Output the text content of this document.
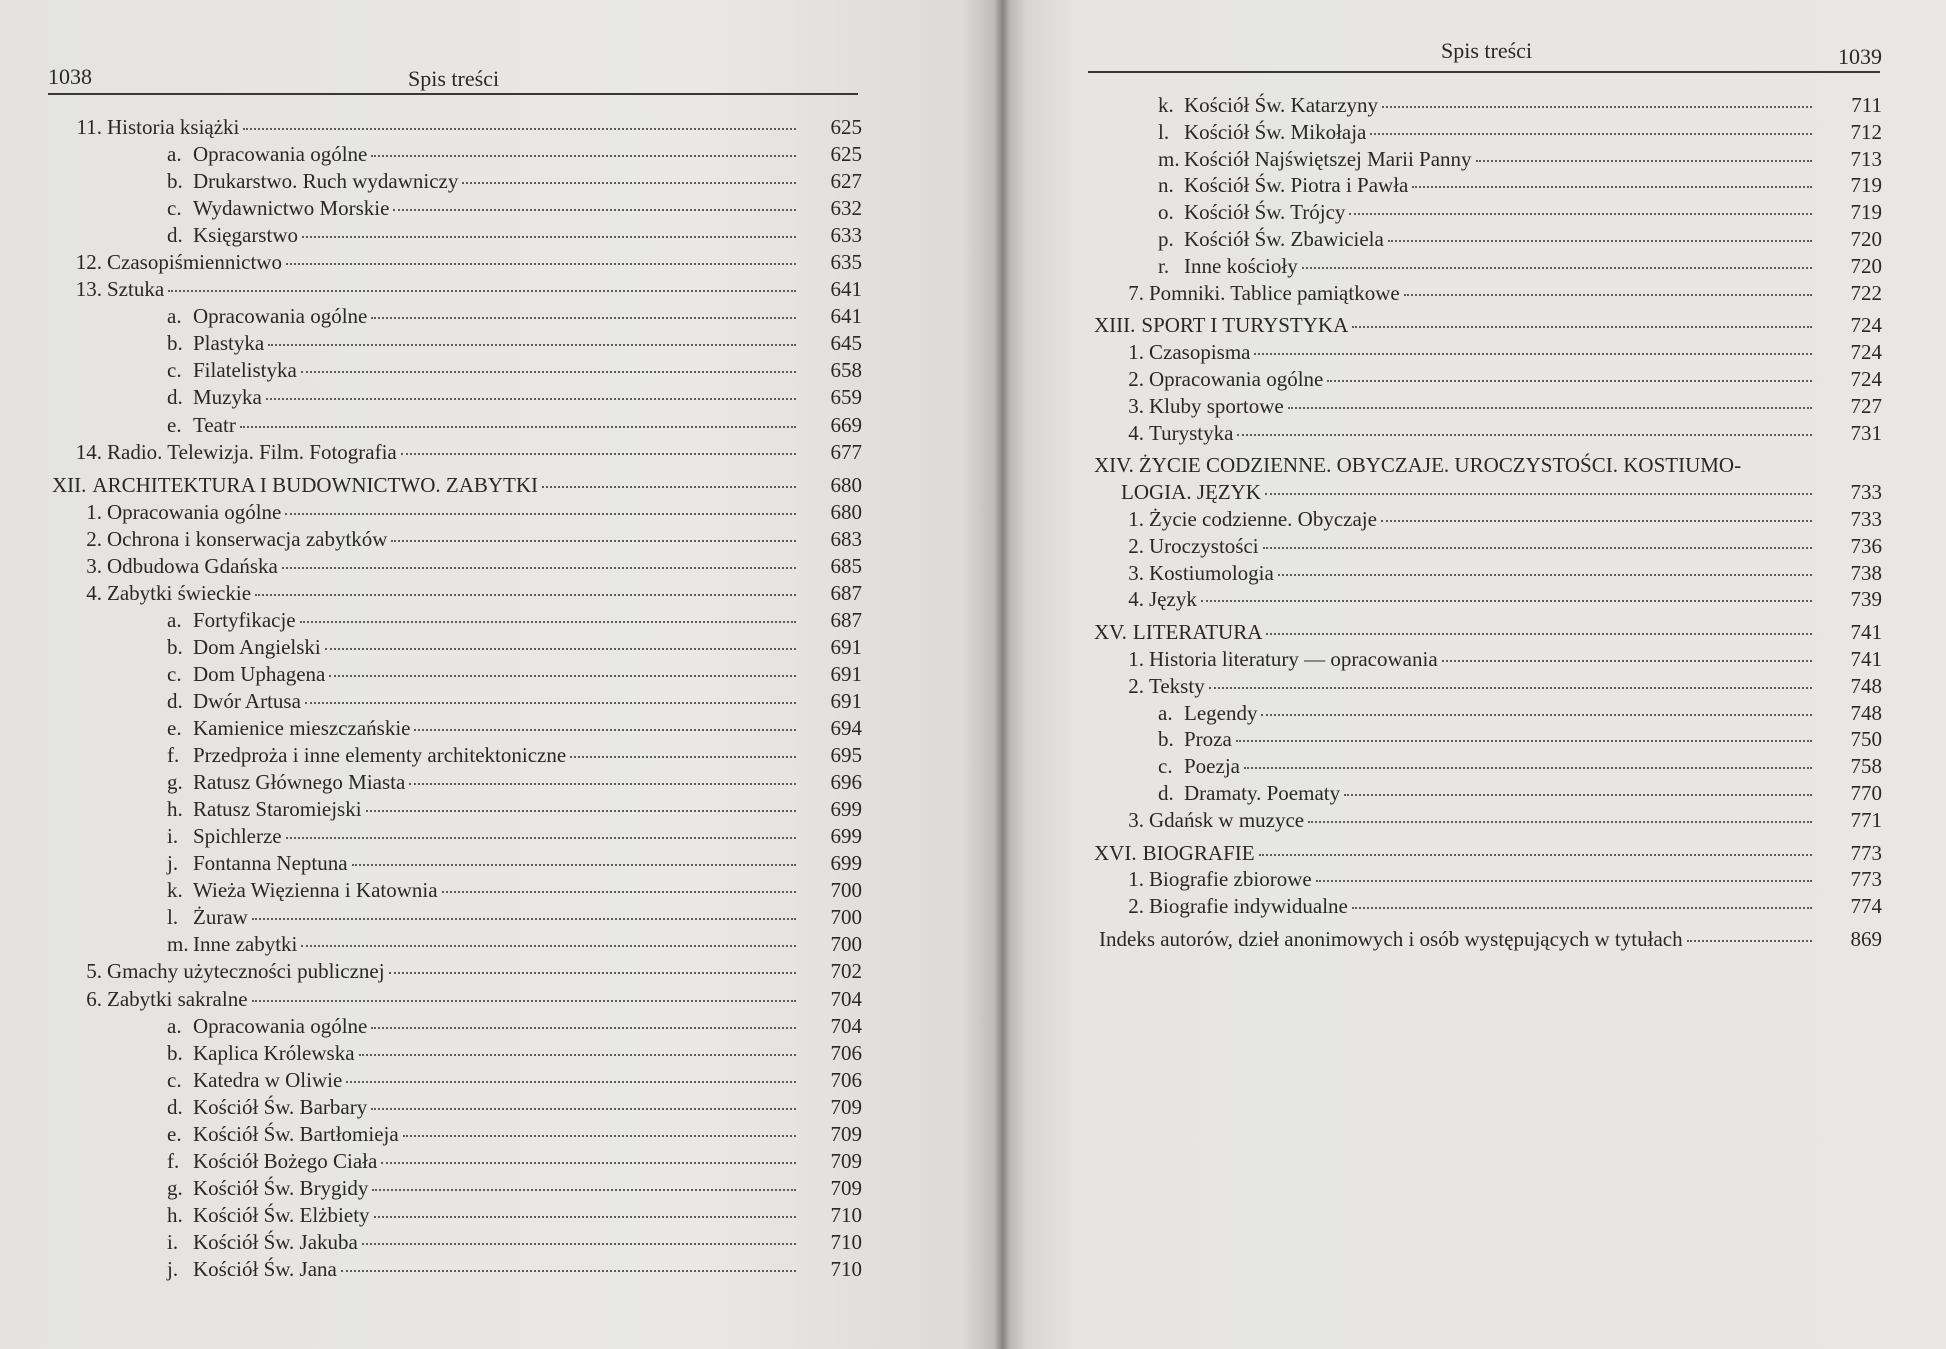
1038	Spis treści
11. Historia książki	625
a. Opracowania ogólne	625
b. Drukarstwo. Ruch wydawniczy	627
c. Wydawnictwo Morskie	632
d. Księgarstwo	633
12. Czasopiśmiennictwo	635
13. Sztuka	641
a. Opracowania ogólne	641
b. Plastyka	645
c. Filatelistyka	658
d. Muzyka	659
e. Teatr	669
14. Radio. Telewizja. Film. Fotografia	677
XII. ARCHITEKTURA I BUDOWNICTWO. ZABYTKI	680
1. Opracowania ogólne	680
2. Ochrona i konserwacja zabytków	683
3. Odbudowa Gdańska	685
4. Zabytki świeckie	687
a. Fortyfikacje	687
b. Dom Angielski	691
c. Dom Uphagena	691
d. Dwór Artusa	691
e. Kamienice mieszczańskie	694
f. Przedproża i inne elementy architektoniczne	695
g. Ratusz Głównego Miasta	696
h. Ratusz Staromiejski	699
i. Spichlerze	699
j. Fontanna Neptuna	699
k. Wieża Więzienna i Katownia	700
l. Żuraw	700
m. Inne zabytki	700
5. Gmachy użyteczności publicznej	702
6. Zabytki sakralne	704
a. Opracowania ogólne	704
b. Kaplica Królewska	706
c. Katedra w Oliwie	706
d. Kościół Św. Barbary	709
e. Kościół Św. Bartłomieja	709
f. Kościół Bożego Ciała	709
g. Kościół Św. Brygidy	709
h. Kościół Św. Elżbiety	710
i. Kościół Św. Jakuba	710
j. Kościół Św. Jana	710
Spis treści	1039
k. Kościół Św. Katarzyny	711
l. Kościół Św. Mikołaja	712
m. Kościół Najświętszej Marii Panny	713
n. Kościół Św. Piotra i Pawła	719
o. Kościół Św. Trójcy	719
p. Kościół Św. Zbawiciela	720
r. Inne kościoły	720
7. Pomniki. Tablice pamiątkowe	722
XIII. SPORT I TURYSTYKA	724
1. Czasopisma	724
2. Opracowania ogólne	724
3. Kluby sportowe	727
4. Turystyka	731
XIV. ŻYCIE CODZIENNE. OBYCZAJE. UROCZYSTOŚCI. KOSTIUMO-
LOGIA. JĘZYK	733
1. Życie codzienne. Obyczaje	733
2. Uroczystości	736
3. Kostiumologia	738
4. Język	739
XV. LITERATURA	741
1. Historia literatury — opracowania	741
2. Teksty	748
a. Legendy	748
b. Proza	750
c. Poezja	758
d. Dramaty. Poematy	770
3. Gdańsk w muzyce	771
XVI. BIOGRAFIE	773
1. Biografie zbiorowe	773
2. Biografie indywidualne	774
Indeks autorów, dzieł anonimowych i osób występujących w tytułach	869
